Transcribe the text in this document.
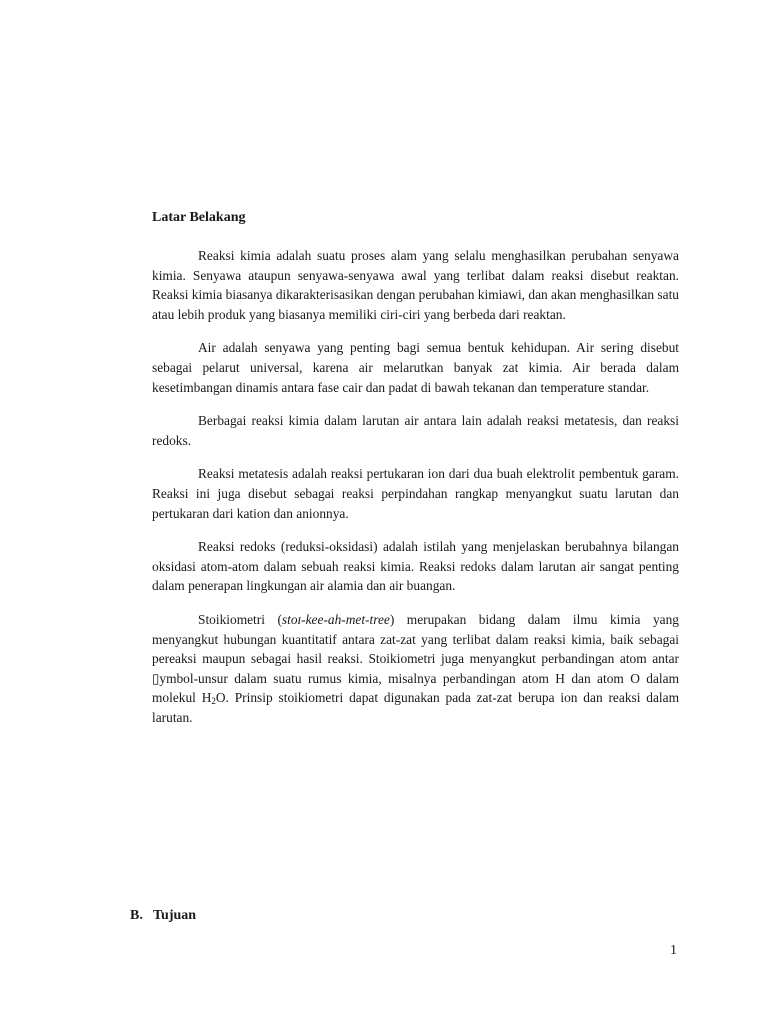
Latar Belakang

Reaksi kimia adalah suatu proses alam yang selalu menghasilkan perubahan senyawa kimia. Senyawa ataupun senyawa-senyawa awal yang terlibat dalam reaksi disebut reaktan. Reaksi kimia biasanya dikarakterisasikan dengan perubahan kimiawi, dan akan menghasilkan satu atau lebih produk yang biasanya memiliki ciri-ciri yang berbeda dari reaktan.

Air adalah senyawa yang penting bagi semua bentuk kehidupan. Air sering disebut sebagai pelarut universal, karena air melarutkan banyak zat kimia. Air berada dalam kesetimbangan dinamis antara fase cair dan padat di bawah tekanan dan temperature standar.

Berbagai reaksi kimia dalam larutan air antara lain adalah reaksi metatesis, dan reaksi redoks.

Reaksi metatesis adalah reaksi pertukaran ion dari dua buah elektrolit pembentuk garam. Reaksi ini juga disebut sebagai reaksi perpindahan rangkap menyangkut suatu larutan dan pertukaran dari kation dan anionnya.

Reaksi redoks (reduksi-oksidasi) adalah istilah yang menjelaskan berubahnya bilangan oksidasi atom-atom dalam sebuah reaksi kimia. Reaksi redoks dalam larutan air sangat penting dalam penerapan lingkungan air alamia dan air buangan.

Stoikiometri (stoɪ-kee-ah-met-tree) merupakan bidang dalam ilmu kimia yang menyangkut hubungan kuantitatif antara zat-zat yang terlibat dalam reaksi kimia, baik sebagai pereaksi maupun sebagai hasil reaksi. Stoikiometri juga menyangkut perbandingan atom antar ▯ymbol-unsur dalam suatu rumus kimia, misalnya perbandingan atom H dan atom O dalam molekul $H_2O$. Prinsip stoikiometri dapat digunakan pada zat-zat berupa ion dan reaksi dalam larutan.

B. Tujuan
1
